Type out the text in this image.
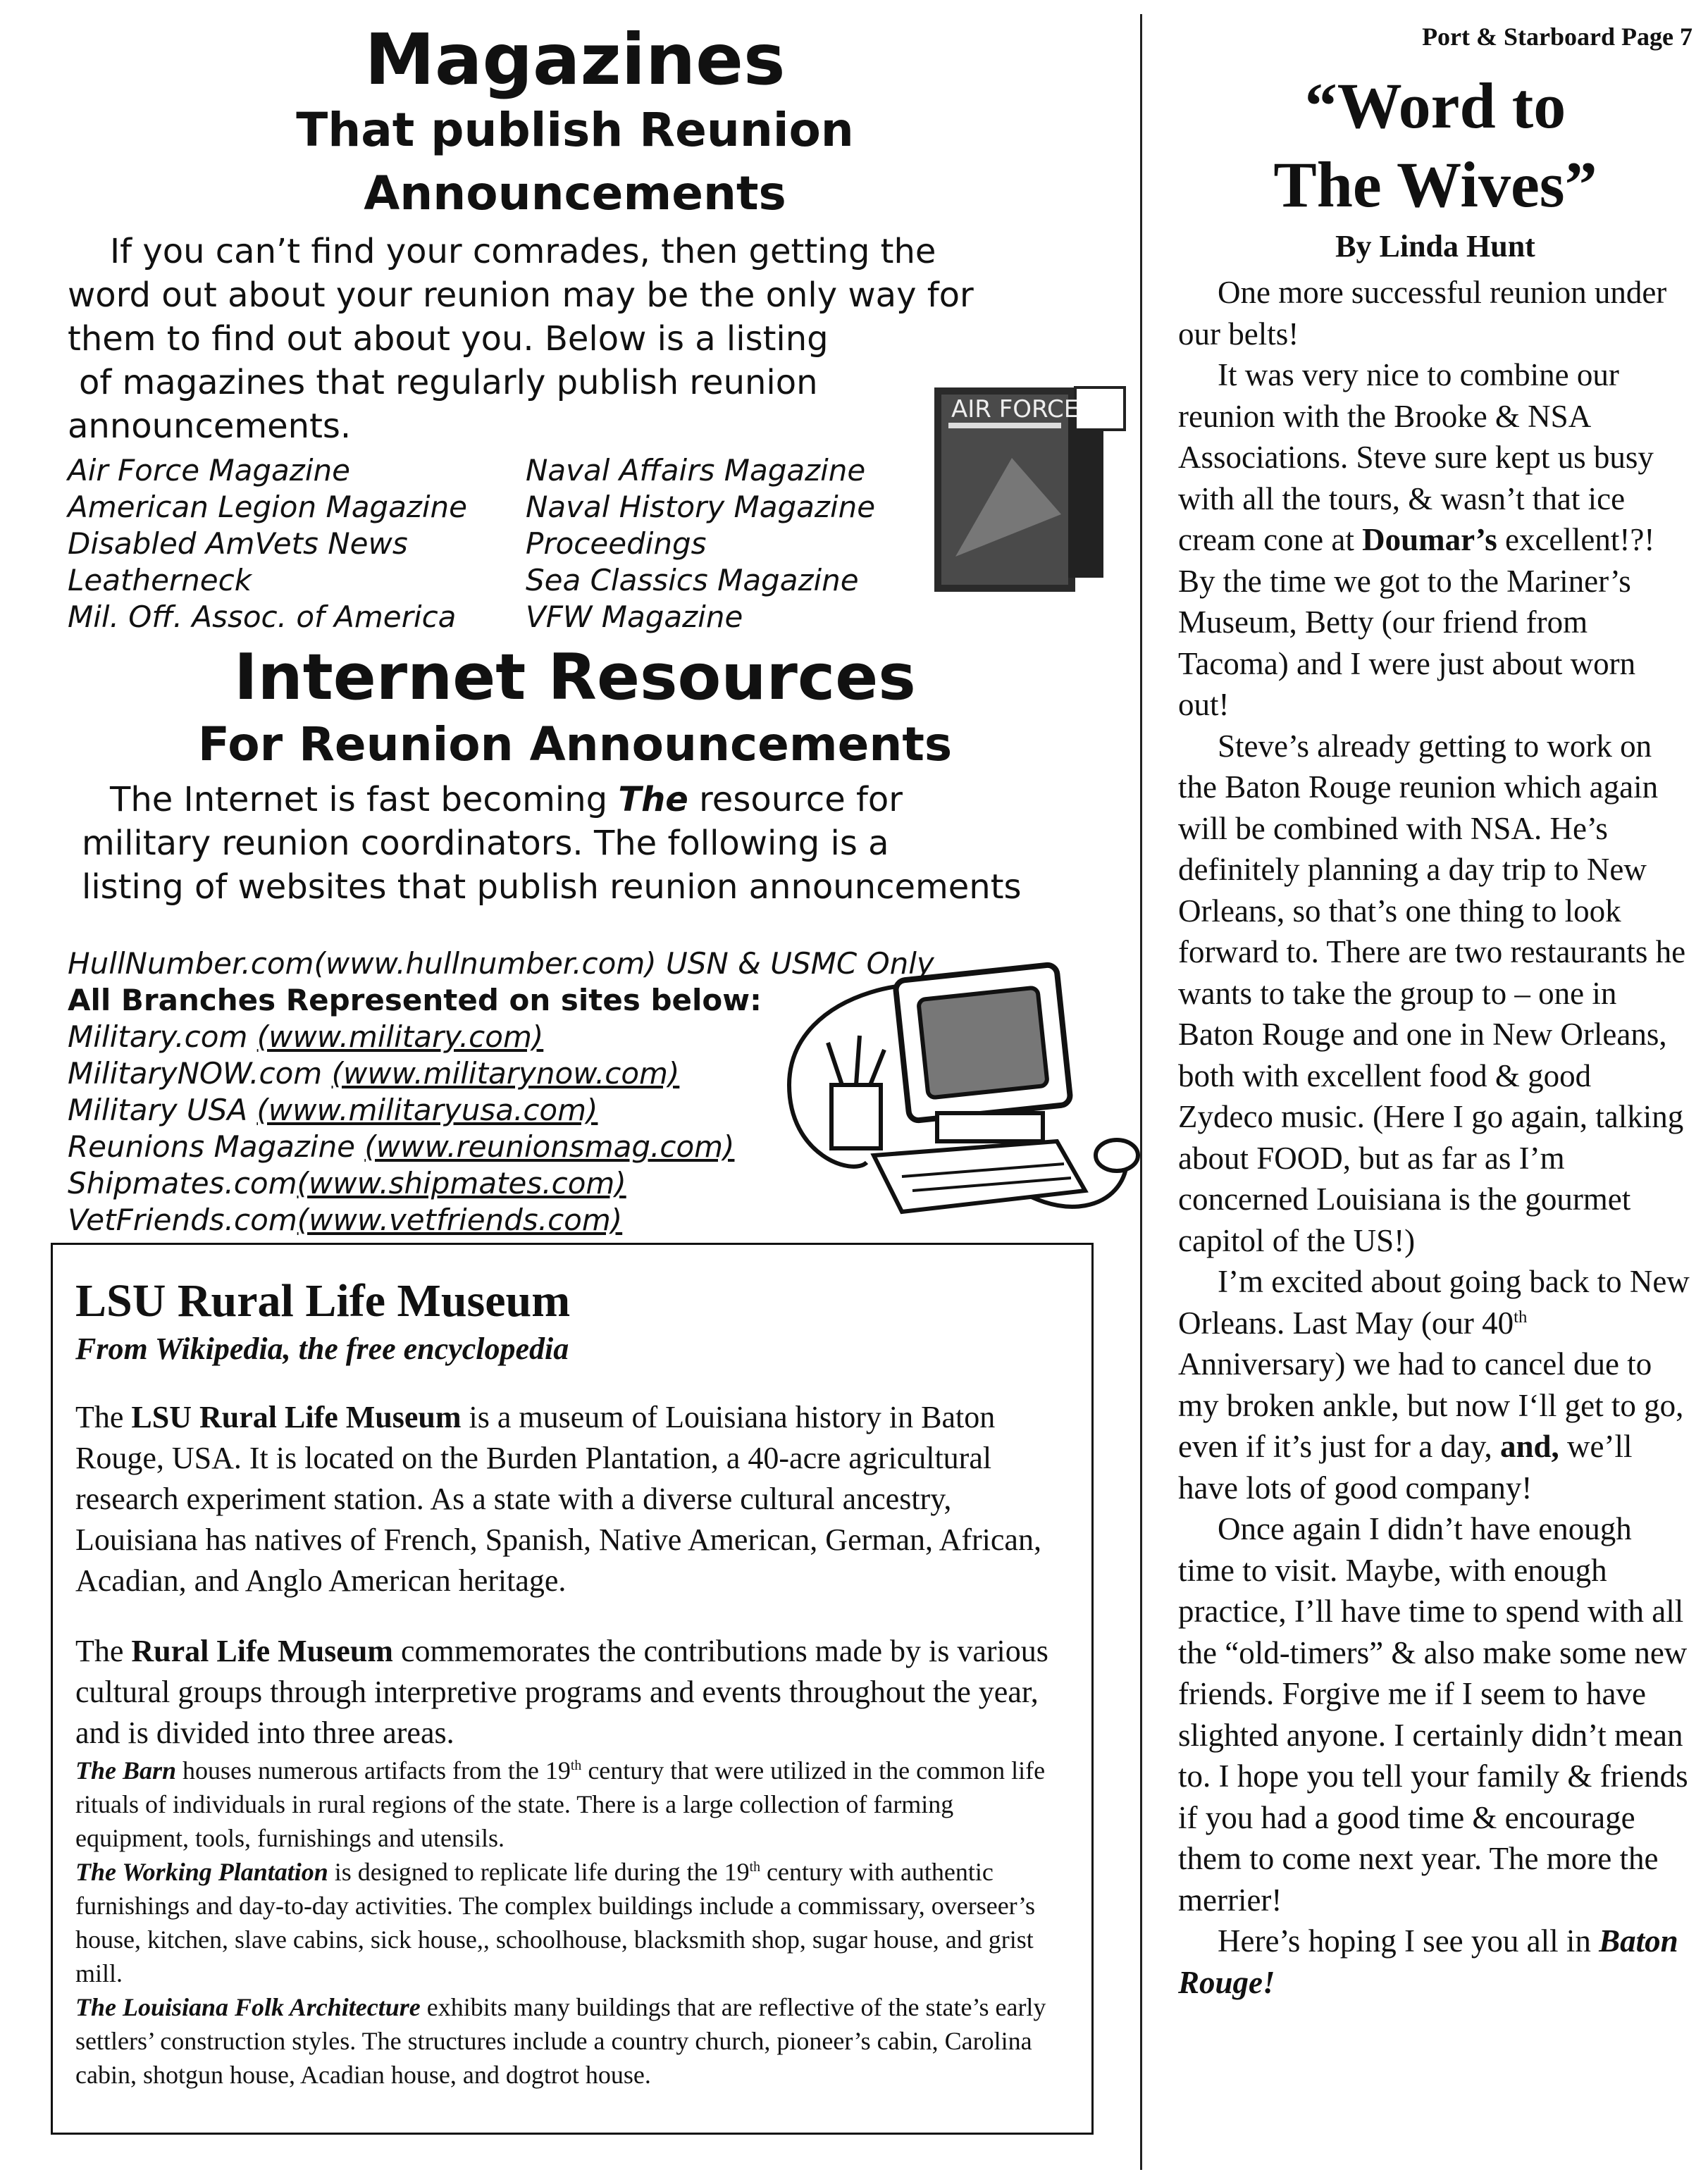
Magazines
That publish Reunion
Announcements
If you can’t find your comrades, then getting the
word out about your reunion may be the only way for
them to find out about you. Below is a listing
of magazines that regularly publish reunion
announcements.
Air Force Magazine	Naval Affairs Magazine
American Legion Magazine	Naval History Magazine
Disabled AmVets News	Proceedings
Leatherneck	Sea Classics Magazine
Mil. Off. Assoc. of America	VFW Magazine
Internet Resources
For Reunion Announcements
The Internet is fast becoming The resource for
military reunion coordinators. The following is a
listing of websites that publish reunion announcements
HullNumber.com(www.hullnumber.com) USN & USMC Only
All Branches Represented on sites below:
Military.com (www.military.com)
MilitaryNOW.com (www.militarynow.com)
Military USA (www.militaryusa.com)
Reunions Magazine (www.reunionsmag.com)
Shipmates.com(www.shipmates.com)
VetFriends.com(www.vetfriends.com)
AIR FORCE
LSU Rural Life Museum
From Wikipedia, the free encyclopedia

The LSU Rural Life Museum is a museum of Louisiana history in Baton Rouge, USA. It is located on the Burden Plantation, a 40-acre agricultural research experiment station. As a state with a diverse cultural ancestry, Louisiana has natives of French, Spanish, Native American, German, African, Acadian, and Anglo American heritage.

The Rural Life Museum commemorates the contributions made by is various cultural groups through interpretive programs and events throughout the year, and is divided into three areas.

The Barn houses numerous artifacts from the 19th century that were utilized in the common life rituals of individuals in rural regions of the state. There is a large collection of farming equipment, tools, furnishings and utensils.

The Working Plantation is designed to replicate life during the 19th century with authentic furnishings and day-to-day activities. The complex buildings include a commissary, overseer’s house, kitchen, slave cabins, sick house,, schoolhouse, blacksmith shop, sugar house, and grist mill.

The Louisiana Folk Architecture exhibits many buildings that are reflective of the state’s early settlers’ construction styles. The structures include a country church, pioneer’s cabin, Carolina cabin, shotgun house, Acadian house, and dogtrot house.

Port & Starboard Page 7
“Word to
The Wives”
By Linda Hunt

One more successful reunion under our belts!

It was very nice to combine our reunion with the Brooke & NSA Associations. Steve sure kept us busy with all the tours, & wasn’t that ice cream cone at Doumar’s excellent!?! By the time we got to the Mariner’s Museum, Betty (our friend from Tacoma) and I were just about worn out!

Steve’s already getting to work on the Baton Rouge reunion which again will be combined with NSA. He’s definitely planning a day trip to New Orleans, so that’s one thing to look forward to. There are two restaurants he wants to take the group to – one in Baton Rouge and one in New Orleans, both with excellent food & good Zydeco music. (Here I go again, talking about FOOD, but as far as I’m concerned Louisiana is the gourmet capitol of the US!)

I’m excited about going back to New Orleans. Last May (our 40th Anniversary) we had to cancel due to my broken ankle, but now I‘ll get to go, even if it’s just for a day, and, we’ll have lots of good company!

Once again I didn’t have enough time to visit. Maybe, with enough practice, I’ll have time to spend with all the “old-timers” & also make some new friends. Forgive me if I seem to have slighted anyone. I certainly didn’t mean to. I hope you tell your family & friends if you had a good time & encourage them to come next year. The more the merrier!

Here’s hoping I see you all in Baton Rouge!
